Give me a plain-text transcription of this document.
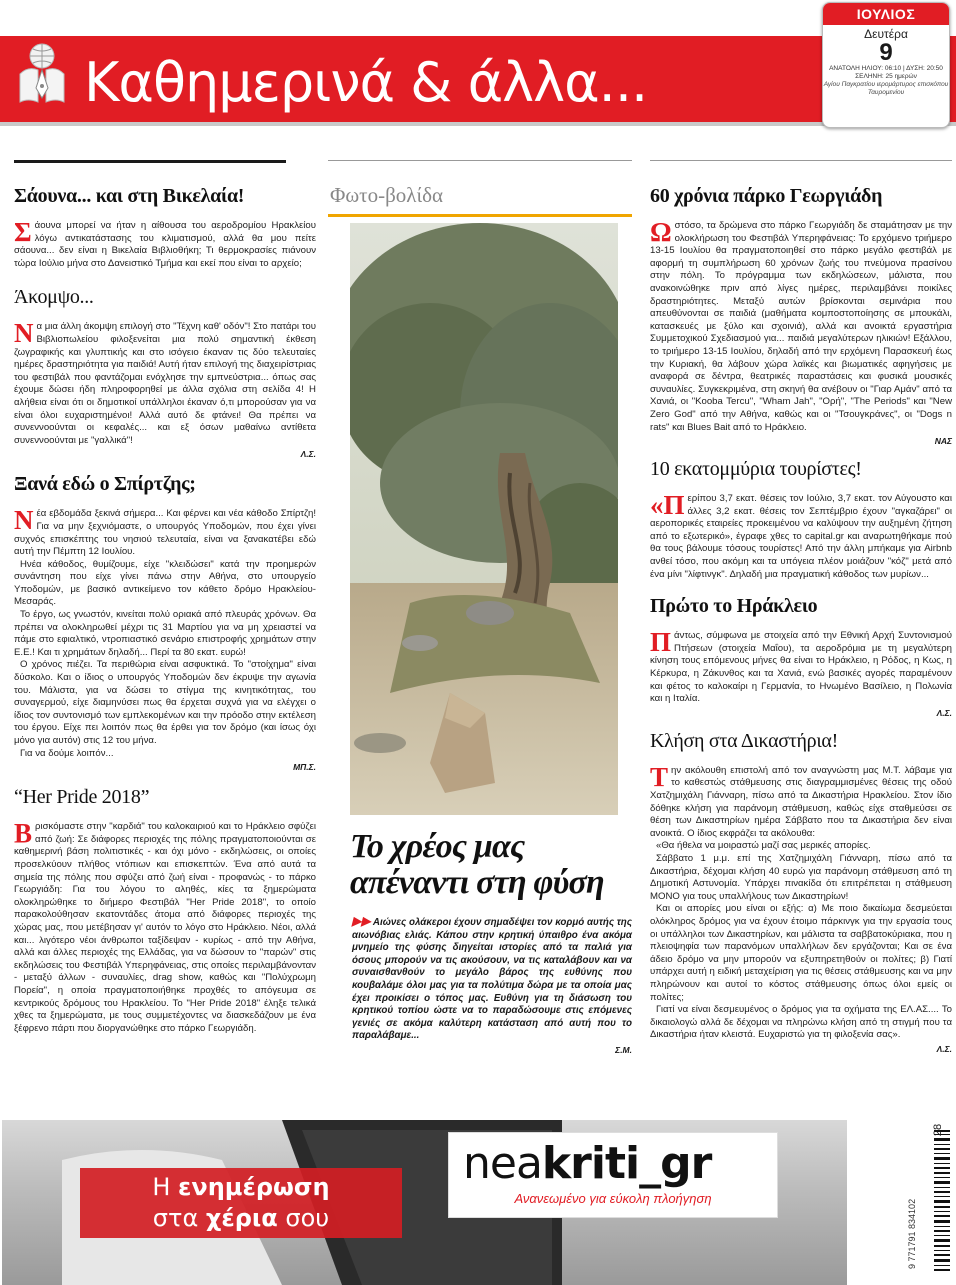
Καθημερινά & άλλα...
ΙΟΥΛΙΟΣ
Δευτέρα
9
ΑΝΑΤΟΛΗ ΗΛΙΟΥ: 06:10 | ΔΥΣΗ: 20:50
ΣΕΛΗΝΗ: 25 ημερών
Αγίου Παγκρατίου ιερομάρτυρος επισκόπου Ταυρομενίου
Σάουνα... και στη Βικελαία!

Σάουνα μπορεί να ήταν η αίθουσα του αεροδρομίου Ηρακλείου λόγω αντικατάστασης του κλιματισμού, αλλά θα μου πείτε σάουνα... δεν είναι η Βικελαία Βιβλιοθήκη; Τι θερμοκρασίες πιάνουν τώρα Ιούλιο μήνα στο Δανειστικό Τμήμα και εκεί που είναι το αρχείο;

Άκομψο...

Να μια άλλη άκομψη επιλογή στο "Τέχνη καθ' οδόν"! Στο πατάρι του Βιβλιοπωλείου φιλοξενείται μια πολύ σημαντική έκθεση ζωγραφικής και γλυπτικής και στο ισόγειο έκαναν τις δύο τελευταίες ημέρες δραστηριότητα για παιδιά! Αυτή ήταν επιλογή της διαχειρίστριας του φεστιβάλ που φαντάζομαι ενόχλησε την εμπνεύστρια... όπως σας έχουμε δώσει ήδη πληροφορηθεί με άλλα σχόλια στη σελίδα 4! Η αλήθεια είναι ότι οι δημοτικοί υπάλληλοι έκαναν ό,τι μπορούσαν για να είναι όλοι ευχαριστημένοι! Αλλά αυτό δε φτάνει! Θα πρέπει να συνεννοούνται οι κεφαλές... και εξ όσων μαθαίνω αντίθετα συνεννοούνται με "γαλλικά"!

Λ.Σ.
Ξανά εδώ ο Σπίρτζης;

Νέα εβδομάδα ξεκινά σήμερα... Και φέρνει και νέα κάθοδο Σπίρτζη! Για να μην ξεχνιόμαστε, ο υπουργός Υποδομών, που έχει γίνει συχνός επισκέπτης του νησιού τελευταία, είναι να ξανακατέβει εδώ αυτή την Πέμπτη 12 Ιουλίου.

Ηνέα κάθοδος, θυμίζουμε, είχε "κλειδώσει" κατά την προημερών συνάντηση που είχε γίνει πάνω στην Αθήνα, στο υπουργείο Υποδομών, με βασικό αντικείμενο τον κάθετο δρόμο Ηρακλείου-Μεσαράς.

Το έργο, ως γνωστόν, κινείται πολύ οριακά από πλευράς χρόνων. Θα πρέπει να ολοκληρωθεί μέχρι τις 31 Μαρτίου για να μη χρειαστεί να πάμε στο εφιαλτικό, ντροπιαστικό σενάριο επιστροφής χρημάτων στην Ε.Ε.! Και τι χρημάτων δηλαδή... Περί τα 80 εκατ. ευρώ!

Ο χρόνος πιέζει. Τα περιθώρια είναι ασφυκτικά. Το "στοίχημα" είναι δύσκολο. Και ο ίδιος ο υπουργός Υποδομών δεν έκρυψε την αγωνία του. Μάλιστα, για να δώσει το στίγμα της κινητικότητας, του συναγερμού, είχε διαμηνύσει πως θα έρχεται συχνά για να ελέγχει ο ίδιος τον συντονισμό των εμπλεκομένων και την πρόοδο στην εκτέλεση του έργου. Είχε πει λοιπόν πως θα έρθει για τον δρόμο (και ίσως όχι μόνο για αυτόν) στις 12 του μήνα.

Για να δούμε λοιπόν...

ΜΠ.Σ.
“Her Pride 2018”

Βρισκόμαστε στην "καρδιά" του καλοκαιριού και το Ηράκλειο σφύζει από ζωή: Σε διάφορες περιοχές της πόλης πραγματοποιούνται σε καθημερινή βάση πολιτιστικές - και όχι μόνο - εκδηλώσεις, οι οποίες προσελκύουν πλήθος ντόπιων και επισκεπτών. Ένα από αυτά τα σημεία της πόλης που σφύζει από ζωή είναι - προφανώς - το πάρκο Γεωργιάδη: Για του λόγου το αληθές, κίες τα ξημερώματα ολοκληρώθηκε το διήμερο Φεστιβάλ "Her Pride 2018", το οποίο παρακολούθησαν εκατοντάδες άτομα από διάφορες περιοχές της χώρας μας, που μετέβησαν γι' αυτόν το λόγο στο Ηράκλειο. Νέοι, αλλά και... λιγότερο νέοι άνθρωποι ταξίδεψαν - κυρίως - από την Αθήνα, αλλά και άλλες περιοχές της Ελλάδας, για να δώσουν το "παρών" στις εκδηλώσεις του Φεστιβάλ Υπερηφάνειας, στις οποίες περιλαμβάνονταν - μεταξύ άλλων - συναυλίες, drag show, καθώς και "Πολύχρωμη Πορεία", η οποία πραγματοποιήθηκε προχθές το απόγευμα σε κεντρικούς δρόμους του Ηρακλείου. Το "Her Pride 2018" έληξε τελικά χθες τα ξημερώματα, με τους συμμετέχοντες να διασκεδάζουν με ένα ξέφρενο πάρτι που διοργανώθηκε στο πάρκο Γεωργιάδη.

Φωτο-βολίδα
Το χρέος μας απέναντι στη φύση

▶▶ Αιώνες ολάκεροι έχουν σημαδέψει τον κορμό αυτής της αιωνόβιας ελιάς. Κάπου στην κρητική ύπαιθρο ένα ακόμα μνημείο της φύσης διηγείται ιστορίες από τα παλιά για όσους μπορούν να τις ακούσουν, να τις καταλάβουν και να συναισθανθούν το μεγάλο βάρος της ευθύνης που κουβαλάμε όλοι μας για τα πολύτιμα δώρα με τα οποία μας έχει προικίσει ο τόπος μας. Ευθύνη για τη διάσωση του κρητικού τοπίου ώστε να το παραδώσουμε στις επόμενες γενιές σε ακόμα καλύτερη κατάσταση από αυτή που το παραλάβαμε...

Σ.Μ.
60 χρόνια πάρκο Γεωργιάδη

Ωστόσο, τα δρώμενα στο πάρκο Γεωργιάδη δε σταμάτησαν με την ολοκλήρωση του Φεστιβάλ Υπερηφάνειας: Το ερχόμενο τριήμερο 13-15 Ιουλίου θα πραγματοποιηθεί στο πάρκο μεγάλο φεστιβάλ με αφορμή τη συμπλήρωση 60 χρόνων ζωής του πνεύμονα πρασίνου στην πόλη. Το πρόγραμμα των εκδηλώσεων, μάλιστα, που ανακοινώθηκε πριν από λίγες ημέρες, περιλαμβάνει ποικίλες δραστηριότητες. Μεταξύ αυτών βρίσκονται σεμινάρια που απευθύνονται σε παιδιά (μαθήματα κομποστοποίησης σε μπουκάλι, κατασκευές με ξύλο και σχοινιά), αλλά και ανοικτά εργαστήρια Συμμετοχικού Σχεδιασμού για... παιδιά μεγαλύτερων ηλικιών! Εξάλλου, το τριήμερο 13-15 Ιουλίου, δηλαδή από την ερχόμενη Παρασκευή έως την Κυριακή, θα λάβουν χώρα λαϊκές και βιωματικές αφηγήσεις με αναφορά σε δέντρα, θεατρικές παραστάσεις και φυσικά μουσικές συναυλίες. Συγκεκριμένα, στη σκηνή θα ανέβουν οι "Γιαρ Αμάν" από τα Χανιά, οι "Kooba Tercu", "Wham Jah", "Ορή", "The Periods" και "New Zero God" από την Αθήνα, καθώς και οι "Τσουγκράνες", οι "Dogs n rats" και Blues Bait από το Ηράκλειο.

ΝΑΣ
10 εκατομμύρια τουρίστες!

«Περίπου 3,7 εκατ. θέσεις τον Ιούλιο, 3,7 εκατ. τον Αύγουστο και άλλες 3,2 εκατ. θέσεις τον Σεπτέμβριο έχουν "αγκαζάρει" οι αεροπορικές εταιρείες προκειμένου να καλύψουν την αυξημένη ζήτηση από το εξωτερικό», έγραφε χθες το capital.gr και αναρωτηθήκαμε πού θα τους βάλουμε τόσους τουρίστες! Από την άλλη μπήκαμε για Airbnb ανθεί τόσο, που ακόμη και τα υπόγεια πλέον μοιάζουν "κόζ" μετά από ένα μίνι "λίφτινγκ". Δηλαδή μια πραγματική κάθοδος των μυρίων...

Πρώτο το Ηράκλειο

Πάντως, σύμφωνα με στοιχεία από την Εθνική Αρχή Συντονισμού Πτήσεων (στοιχεία Μαΐου), τα αεροδρόμια με τη μεγαλύτερη κίνηση τους επόμενους μήνες θα είναι το Ηράκλειο, η Ρόδος, η Κως, η Κέρκυρα, η Ζάκυνθος και τα Χανιά, ενώ βασικές αγορές παραμένουν και φέτος το καλοκαίρι η Γερμανία, το Ηνωμένο Βασίλειο, η Πολωνία και η Ιταλία.

Λ.Σ.
Κλήση στα Δικαστήρια!

Την ακόλουθη επιστολή από τον αναγνώστη μας Μ.Τ. λάβαμε για το καθεστώς στάθμευσης στις διαγραμμισμένες θέσεις της οδού Χατζημιχάλη Γιάνναρη, πίσω από τα Δικαστήρια Ηρακλείου. Στον ίδιο δόθηκε κλήση για παράνομη στάθμευση, καθώς είχε σταθμεύσει σε θέση των Δικαστηρίων ημέρα Σάββατο που τα Δικαστήρια δεν είναι ανοικτά. Ο ίδιος εκφράζει τα ακόλουθα:

«Θα ήθελα να μοιραστώ μαζί σας μερικές απορίες.

Σάββατο 1 μ.μ. επί της Χατζημιχάλη Γιάνναρη, πίσω από τα Δικαστήρια, δέχομαι κλήση 40 ευρώ για παράνομη στάθμευση από τη Δημοτική Αστυνομία. Υπάρχει πινακίδα ότι επιτρέπεται η στάθμευση ΜΟΝΟ για τους υπαλλήλους των Δικαστηρίων!

Και οι απορίες μου είναι οι εξής: α) Με ποιο δικαίωμα δεσμεύεται ολόκληρος δρόμος για να έχουν έτοιμο πάρκινγκ για την εργασία τους οι υπάλληλοι των Δικαστηρίων, και μάλιστα τα σαββατοκύριακα, που η πλειοψηφία των παρανόμων υπαλλήλων δεν εργάζονται; Και σε ένα άδειο δρόμο να μην μπορούν να εξυπηρετηθούν οι πολίτες; β) Γιατί υπάρχει αυτή η ειδική μεταχείριση για τις θέσεις στάθμευσης και να μην πληρώνουν και αυτοί το κόστος στάθμευσης όπως όλοι εμείς οι πολίτες;

Γιατί να είναι δεσμευμένος ο δρόμος για τα οχήματα της ΕΛ.ΑΣ.... Το δικαιολογώ αλλά δε δέχομαι να πληρώνω κλήση από τη στιγμή που τα Δικαστήρια ήταν κλειστά. Ευχαριστώ για τη φιλοξενία σας».

Λ.Σ.
Η ενημέρωση
στα χέρια σου
neakriti_gr
Ανανεωμένο για εύκολη πλοήγηση
9 771791 834102
28
